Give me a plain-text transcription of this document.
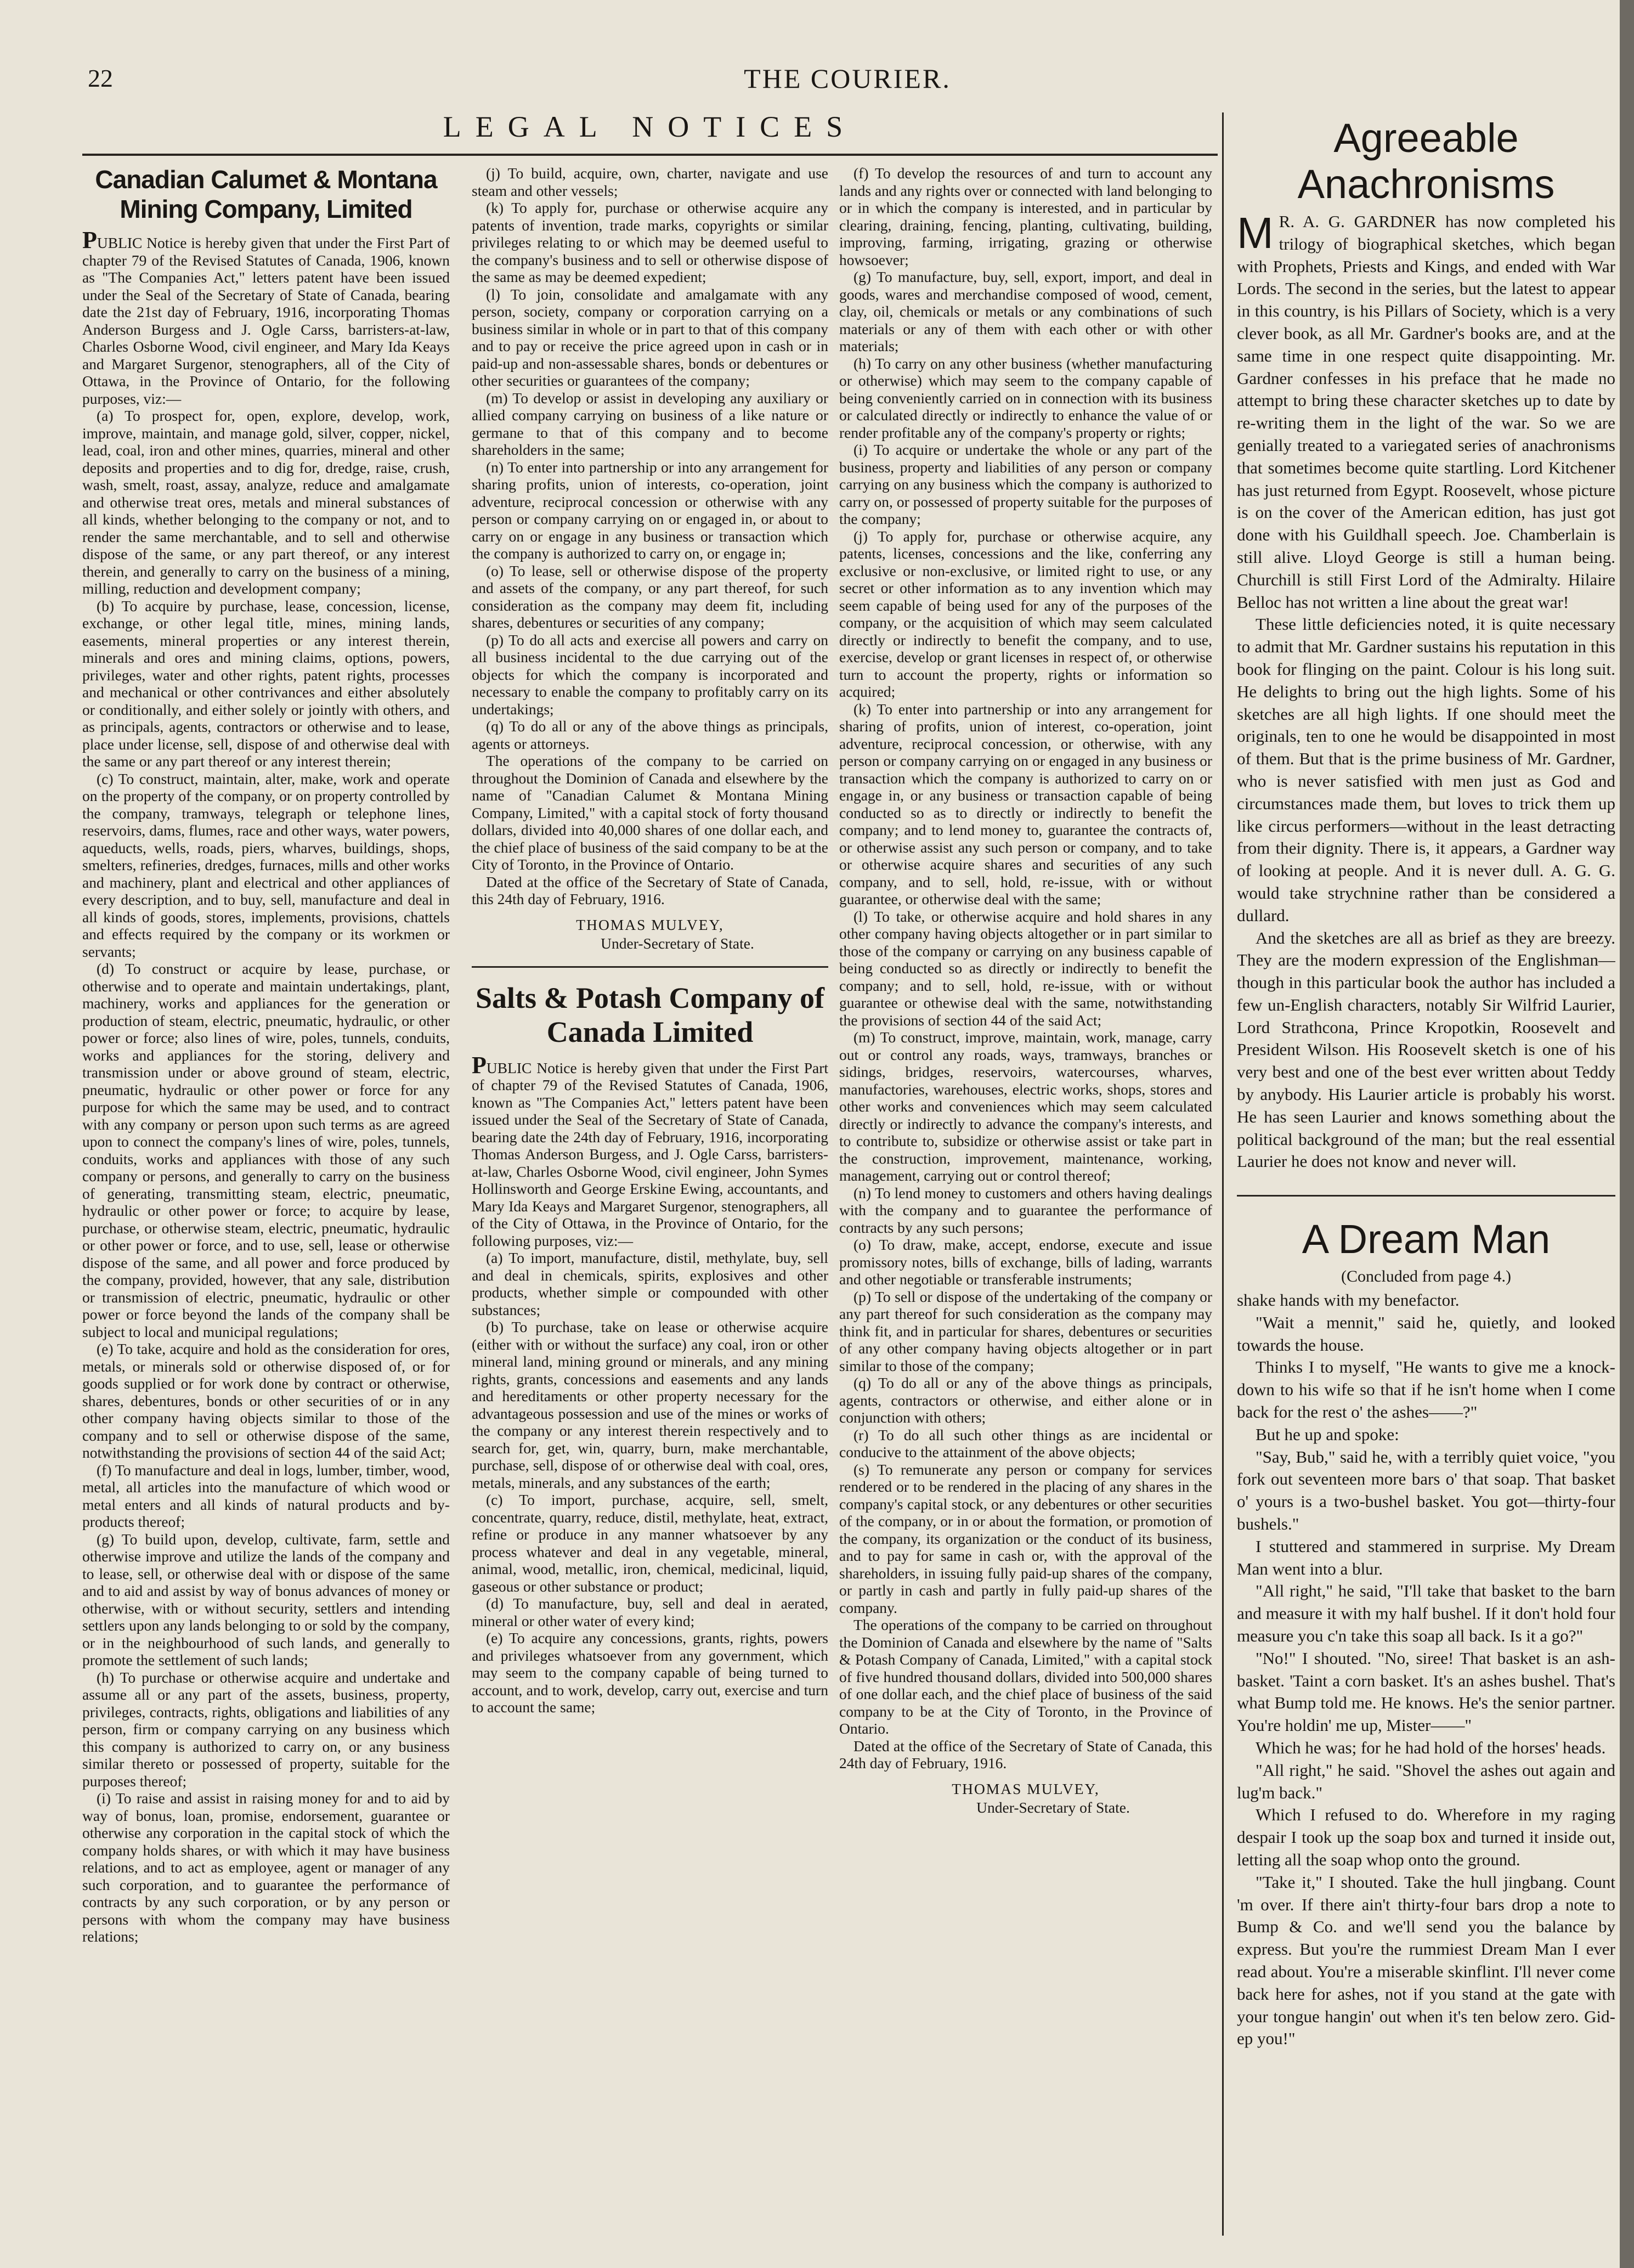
22	THE COURIER.
LEGAL NOTICES
Canadian Calumet & Montana Mining Company, Limited

PUBLIC Notice is hereby given that under the First Part of chapter 79 of the Revised Statutes of Canada, 1906, known as "The Companies Act," letters patent have been issued under the Seal of the Secretary of State of Canada, bearing date the 21st day of February, 1916, incorporating Thomas Anderson Burgess and J. Ogle Carss, barristers-at-law, Charles Osborne Wood, civil engineer, and Mary Ida Keays and Margaret Surgenor, stenographers, all of the City of Ottawa, in the Province of Ontario, for the following purposes, viz:—

(a) To prospect for, open, explore, develop, work, improve, maintain, and manage gold, silver, copper, nickel, lead, coal, iron and other mines, quarries, mineral and other deposits and properties and to dig for, dredge, raise, crush, wash, smelt, roast, assay, analyze, reduce and amalgamate and otherwise treat ores, metals and mineral substances of all kinds, whether belonging to the company or not, and to render the same merchantable, and to sell and otherwise dispose of the same, or any part thereof, or any interest therein, and generally to carry on the business of a mining, milling, reduction and development company;

(b) To acquire by purchase, lease, concession, license, exchange, or other legal title, mines, mining lands, easements, mineral properties or any interest therein, minerals and ores and mining claims, options, powers, privileges, water and other rights, patent rights, processes and mechanical or other contrivances and either absolutely or conditionally, and either solely or jointly with others, and as principals, agents, contractors or otherwise and to lease, place under license, sell, dispose of and otherwise deal with the same or any part thereof or any interest therein;

(c) To construct, maintain, alter, make, work and operate on the property of the company, or on property controlled by the company, tramways, telegraph or telephone lines, reservoirs, dams, flumes, race and other ways, water powers, aqueducts, wells, roads, piers, wharves, buildings, shops, smelters, refineries, dredges, furnaces, mills and other works and machinery, plant and electrical and other appliances of every description, and to buy, sell, manufacture and deal in all kinds of goods, stores, implements, provisions, chattels and effects required by the company or its workmen or servants;

(d) To construct or acquire by lease, purchase, or otherwise and to operate and maintain undertakings, plant, machinery, works and appliances for the generation or production of steam, electric, pneumatic, hydraulic, or other power or force; also lines of wire, poles, tunnels, conduits, works and appliances for the storing, delivery and transmission under or above ground of steam, electric, pneumatic, hydraulic or other power or force for any purpose for which the same may be used, and to contract with any company or person upon such terms as are agreed upon to connect the company's lines of wire, poles, tunnels, conduits, works and appliances with those of any such company or persons, and generally to carry on the business of generating, transmitting steam, electric, pneumatic, hydraulic or other power or force; to acquire by lease, purchase, or otherwise steam, electric, pneumatic, hydraulic or other power or force, and to use, sell, lease or otherwise dispose of the same, and all power and force produced by the company, provided, however, that any sale, distribution or transmission of electric, pneumatic, hydraulic or other power or force beyond the lands of the company shall be subject to local and municipal regulations;

(e) To take, acquire and hold as the consideration for ores, metals, or minerals sold or otherwise disposed of, or for goods supplied or for work done by contract or otherwise, shares, debentures, bonds or other securities of or in any other company having objects similar to those of the company and to sell or otherwise dispose of the same, notwithstanding the provisions of section 44 of the said Act;

(f) To manufacture and deal in logs, lumber, timber, wood, metal, all articles into the manufacture of which wood or metal enters and all kinds of natural products and by-products thereof;

(g) To build upon, develop, cultivate, farm, settle and otherwise improve and utilize the lands of the company and to lease, sell, or otherwise deal with or dispose of the same and to aid and assist by way of bonus advances of money or otherwise, with or without security, settlers and intending settlers upon any lands belonging to or sold by the company, or in the neighbourhood of such lands, and generally to promote the settlement of such lands;

(h) To purchase or otherwise acquire and undertake and assume all or any part of the assets, business, property, privileges, contracts, rights, obligations and liabilities of any person, firm or company carrying on any business which this company is authorized to carry on, or any business similar thereto or possessed of property, suitable for the purposes thereof;

(i) To raise and assist in raising money for and to aid by way of bonus, loan, promise, endorsement, guarantee or otherwise any corporation in the capital stock of which the company holds shares, or with which it may have business relations, and to act as employee, agent or manager of any such corporation, and to guarantee the performance of contracts by any such corporation, or by any person or persons with whom the company may have business relations;

(j) To build, acquire, own, charter, navigate and use steam and other vessels;

(k) To apply for, purchase or otherwise acquire any patents of invention, trade marks, copyrights or similar privileges relating to or which may be deemed useful to the company's business and to sell or otherwise dispose of the same as may be deemed expedient;

(l) To join, consolidate and amalgamate with any person, society, company or corporation carrying on a business similar in whole or in part to that of this company and to pay or receive the price agreed upon in cash or in paid-up and non-assessable shares, bonds or debentures or other securities or guarantees of the company;

(m) To develop or assist in developing any auxiliary or allied company carrying on business of a like nature or germane to that of this company and to become shareholders in the same;

(n) To enter into partnership or into any arrangement for sharing profits, union of interests, co-operation, joint adventure, reciprocal concession or otherwise with any person or company carrying on or engaged in, or about to carry on or engage in any business or transaction which the company is authorized to carry on, or engage in;

(o) To lease, sell or otherwise dispose of the property and assets of the company, or any part thereof, for such consideration as the company may deem fit, including shares, debentures or securities of any company;

(p) To do all acts and exercise all powers and carry on all business incidental to the due carrying out of the objects for which the company is incorporated and necessary to enable the company to profitably carry on its undertakings;

(q) To do all or any of the above things as principals, agents or attorneys.

The operations of the company to be carried on throughout the Dominion of Canada and elsewhere by the name of "Canadian Calumet & Montana Mining Company, Limited," with a capital stock of forty thousand dollars, divided into 40,000 shares of one dollar each, and the chief place of business of the said company to be at the City of Toronto, in the Province of Ontario.

Dated at the office of the Secretary of State of Canada, this 24th day of February, 1916.

THOMAS MULVEY,
Under-Secretary of State.
Salts & Potash Company of Canada Limited

PUBLIC Notice is hereby given that under the First Part of chapter 79 of the Revised Statutes of Canada, 1906, known as "The Companies Act," letters patent have been issued under the Seal of the Secretary of State of Canada, bearing date the 24th day of February, 1916, incorporating Thomas Anderson Burgess, and J. Ogle Carss, barristers-at-law, Charles Osborne Wood, civil engineer, John Symes Hollinsworth and George Erskine Ewing, accountants, and Mary Ida Keays and Margaret Surgenor, stenographers, all of the City of Ottawa, in the Province of Ontario, for the following purposes, viz:—

(a) To import, manufacture, distil, methylate, buy, sell and deal in chemicals, spirits, explosives and other products, whether simple or compounded with other substances;

(b) To purchase, take on lease or otherwise acquire (either with or without the surface) any coal, iron or other mineral land, mining ground or minerals, and any mining rights, grants, concessions and easements and any lands and hereditaments or other property necessary for the advantageous possession and use of the mines or works of the company or any interest therein respectively and to search for, get, win, quarry, burn, make merchantable, purchase, sell, dispose of or otherwise deal with coal, ores, metals, minerals, and any substances of the earth;

(c) To import, purchase, acquire, sell, smelt, concentrate, quarry, reduce, distil, methylate, heat, extract, refine or produce in any manner whatsoever by any process whatever and deal in any vegetable, mineral, animal, wood, metallic, iron, chemical, medicinal, liquid, gaseous or other substance or product;

(d) To manufacture, buy, sell and deal in aerated, mineral or other water of every kind;

(e) To acquire any concessions, grants, rights, powers and privileges whatsoever from any government, which may seem to the company capable of being turned to account, and to work, develop, carry out, exercise and turn to account the same;

(f) To develop the resources of and turn to account any lands and any rights over or connected with land belonging to or in which the company is interested, and in particular by clearing, draining, fencing, planting, cultivating, building, improving, farming, irrigating, grazing or otherwise howsoever;

(g) To manufacture, buy, sell, export, import, and deal in goods, wares and merchandise composed of wood, cement, clay, oil, chemicals or metals or any combinations of such materials or any of them with each other or with other materials;

(h) To carry on any other business (whether manufacturing or otherwise) which may seem to the company capable of being conveniently carried on in connection with its business or calculated directly or indirectly to enhance the value of or render profitable any of the company's property or rights;

(i) To acquire or undertake the whole or any part of the business, property and liabilities of any person or company carrying on any business which the company is authorized to carry on, or possessed of property suitable for the purposes of the company;

(j) To apply for, purchase or otherwise acquire, any patents, licenses, concessions and the like, conferring any exclusive or non-exclusive, or limited right to use, or any secret or other information as to any invention which may seem capable of being used for any of the purposes of the company, or the acquisition of which may seem calculated directly or indirectly to benefit the company, and to use, exercise, develop or grant licenses in respect of, or otherwise turn to account the property, rights or information so acquired;

(k) To enter into partnership or into any arrangement for sharing of profits, union of interest, co-operation, joint adventure, reciprocal concession, or otherwise, with any person or company carrying on or engaged in any business or transaction which the company is authorized to carry on or engage in, or any business or transaction capable of being conducted so as to directly or indirectly to benefit the company; and to lend money to, guarantee the contracts of, or otherwise assist any such person or company, and to take or otherwise acquire shares and securities of any such company, and to sell, hold, re-issue, with or without guarantee, or otherwise deal with the same;

(l) To take, or otherwise acquire and hold shares in any other company having objects altogether or in part similar to those of the company or carrying on any business capable of being conducted so as directly or indirectly to benefit the company; and to sell, hold, re-issue, with or without guarantee or othewise deal with the same, notwithstanding the provisions of section 44 of the said Act;

(m) To construct, improve, maintain, work, manage, carry out or control any roads, ways, tramways, branches or sidings, bridges, reservoirs, watercourses, wharves, manufactories, warehouses, electric works, shops, stores and other works and conveniences which may seem calculated directly or indirectly to advance the company's interests, and to contribute to, subsidize or otherwise assist or take part in the construction, improvement, maintenance, working, management, carrying out or control thereof;

(n) To lend money to customers and others having dealings with the company and to guarantee the performance of contracts by any such persons;

(o) To draw, make, accept, endorse, execute and issue promissory notes, bills of exchange, bills of lading, warrants and other negotiable or transferable instruments;

(p) To sell or dispose of the undertaking of the company or any part thereof for such consideration as the company may think fit, and in particular for shares, debentures or securities of any other company having objects altogether or in part similar to those of the company;

(q) To do all or any of the above things as principals, agents, contractors or otherwise, and either alone or in conjunction with others;

(r) To do all such other things as are incidental or conducive to the attainment of the above objects;

(s) To remunerate any person or company for services rendered or to be rendered in the placing of any shares in the company's capital stock, or any debentures or other securities of the company, or in or about the formation, or promotion of the company, its organization or the conduct of its business, and to pay for same in cash or, with the approval of the shareholders, in issuing fully paid-up shares of the company, or partly in cash and partly in fully paid-up shares of the company.

The operations of the company to be carried on throughout the Dominion of Canada and elsewhere by the name of "Salts & Potash Company of Canada, Limited," with a capital stock of five hundred thousand dollars, divided into 500,000 shares of one dollar each, and the chief place of business of the said company to be at the City of Toronto, in the Province of Ontario.

Dated at the office of the Secretary of State of Canada, this 24th day of February, 1916.

THOMAS MULVEY,
Under-Secretary of State.
Agreeable Anachronisms

M R. A. G. GARDNER has now completed his trilogy of biographical sketches, which began with Prophets, Priests and Kings, and ended with War Lords. The second in the series, but the latest to appear in this country, is his Pillars of Society, which is a very clever book, as all Mr. Gardner's books are, and at the same time in one respect quite disappointing. Mr. Gardner confesses in his preface that he made no attempt to bring these character sketches up to date by re-writing them in the light of the war. So we are genially treated to a variegated series of anachronisms that sometimes become quite startling. Lord Kitchener has just returned from Egypt. Roosevelt, whose picture is on the cover of the American edition, has just got done with his Guildhall speech. Joe. Chamberlain is still alive. Lloyd George is still a human being. Churchill is still First Lord of the Admiralty. Hilaire Belloc has not written a line about the great war!

These little deficiencies noted, it is quite necessary to admit that Mr. Gardner sustains his reputation in this book for flinging on the paint. Colour is his long suit. He delights to bring out the high lights. Some of his sketches are all high lights. If one should meet the originals, ten to one he would be disappointed in most of them. But that is the prime business of Mr. Gardner, who is never satisfied with men just as God and circumstances made them, but loves to trick them up like circus performers—without in the least detracting from their dignity. There is, it appears, a Gardner way of looking at people. And it is never dull. A. G. G. would take strychnine rather than be considered a dullard.

And the sketches are all as brief as they are breezy. They are the modern expression of the Englishman—though in this particular book the author has included a few un-English characters, notably Sir Wilfrid Laurier, Lord Strathcona, Prince Kropotkin, Roosevelt and President Wilson. His Roosevelt sketch is one of his very best and one of the best ever written about Teddy by anybody. His Laurier article is probably his worst. He has seen Laurier and knows something about the political background of the man; but the real essential Laurier he does not know and never will.

A Dream Man

(Concluded from page 4.)

shake hands with my benefactor.

"Wait a mennit," said he, quietly, and looked towards the house.

Thinks I to myself, "He wants to give me a knock-down to his wife so that if he isn't home when I come back for the rest o' the ashes——?"

But he up and spoke:

"Say, Bub," said he, with a terribly quiet voice, "you fork out seventeen more bars o' that soap. That basket o' yours is a two-bushel basket. You got—thirty-four bushels."

I stuttered and stammered in surprise. My Dream Man went into a blur.

"All right," he said, "I'll take that basket to the barn and measure it with my half bushel. If it don't hold four measure you c'n take this soap all back. Is it a go?"

"No!" I shouted. "No, siree! That basket is an ash-basket. 'Taint a corn basket. It's an ashes bushel. That's what Bump told me. He knows. He's the senior partner. You're holdin' me up, Mister——"

Which he was; for he had hold of the horses' heads.

"All right," he said. "Shovel the ashes out again and lug'm back."

Which I refused to do. Wherefore in my raging despair I took up the soap box and turned it inside out, letting all the soap whop onto the ground.

"Take it," I shouted. Take the hull jingbang. Count 'm over. If there ain't thirty-four bars drop a note to Bump & Co. and we'll send you the balance by express. But you're the rummiest Dream Man I ever read about. You're a miserable skinflint. I'll never come back here for ashes, not if you stand at the gate with your tongue hangin' out when it's ten below zero. Gid-ep you!"
